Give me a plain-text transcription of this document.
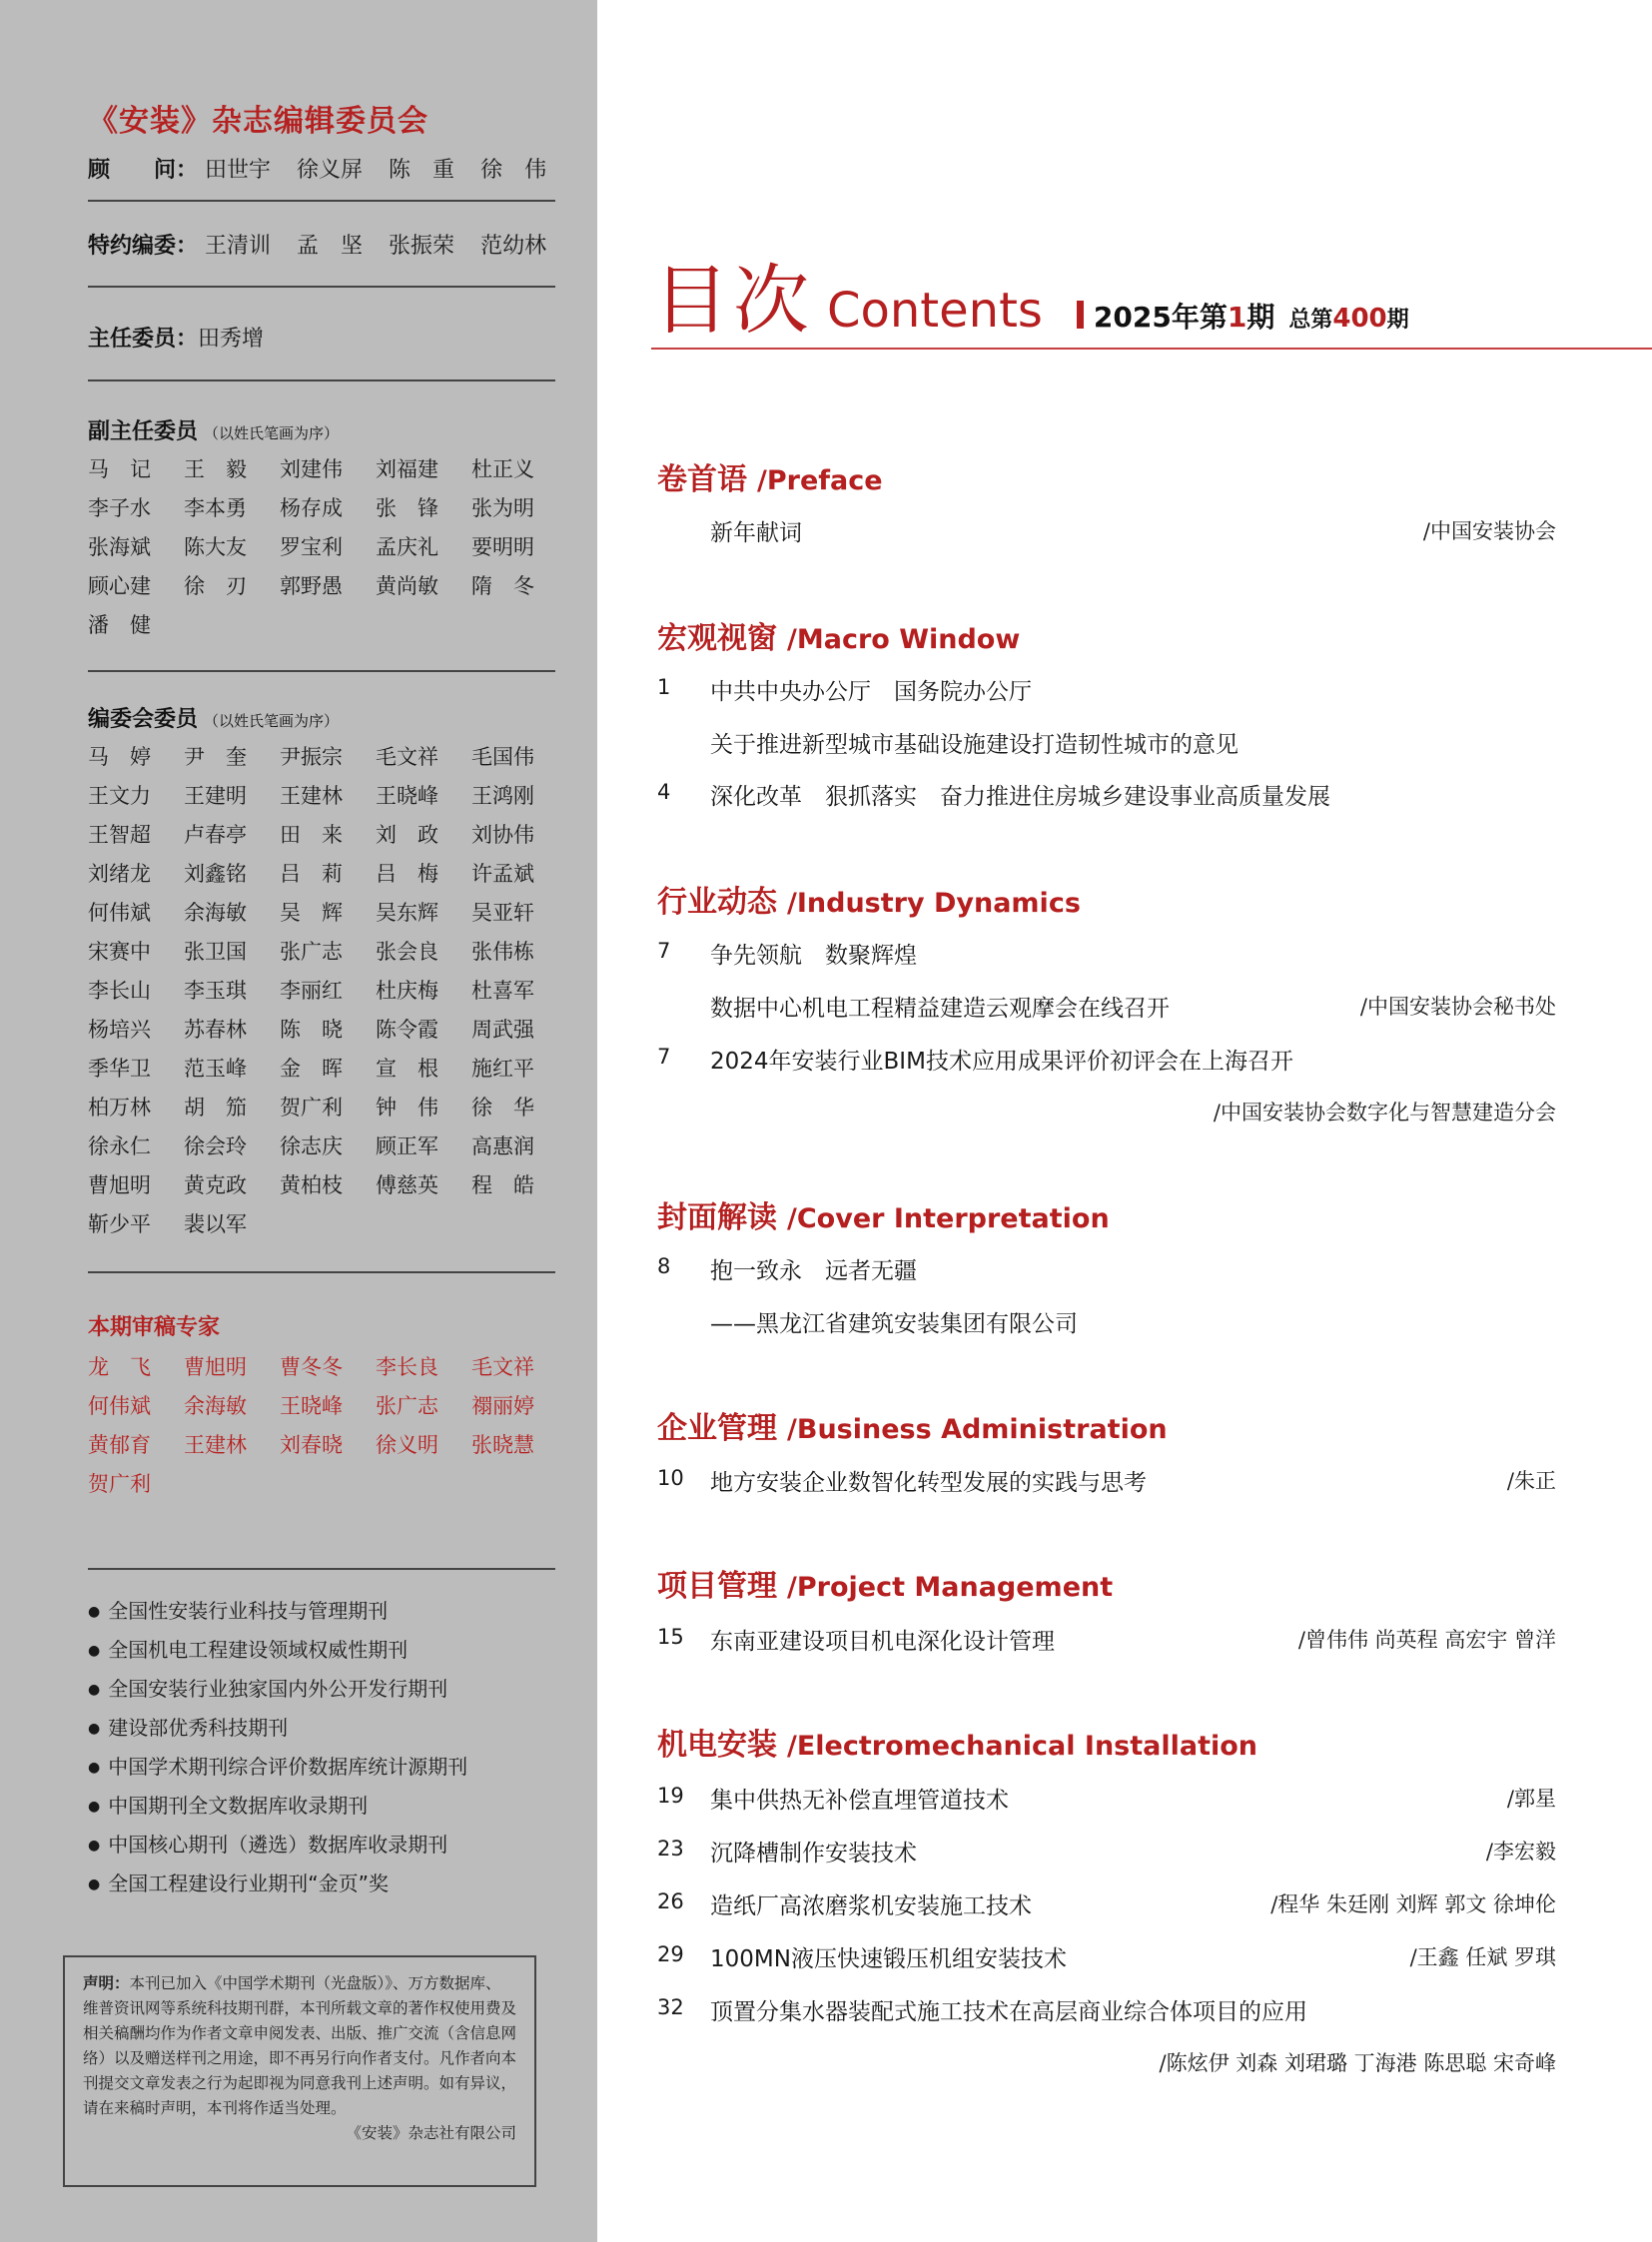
《安装》杂志编辑委员会
顾　　问： 田世宇 徐义屏 陈　重 徐　伟
特约编委： 王清训 孟　坚 张振荣 范幼林
主任委员：田秀增
副主任委员 （以姓氏笔画为序）
马　记	王　毅	刘建伟	刘福建	杜正义
李子水	李本勇	杨存成	张　锋	张为明
张海斌	陈大友	罗宝利	孟庆礼	要明明
顾心建	徐　刃	郭野愚	黄尚敏	隋　冬
潘　健
编委会委员 （以姓氏笔画为序）
马　婷	尹　奎	尹振宗	毛文祥	毛国伟
王文力	王建明	王建林	王晓峰	王鸿刚
王智超	卢春亭	田　来	刘　政	刘协伟
刘绪龙	刘鑫铭	吕　莉	吕　梅	许孟斌
何伟斌	余海敏	吴　辉	吴东辉	吴亚轩
宋赛中	张卫国	张广志	张会良	张伟栋
李长山	李玉琪	李丽红	杜庆梅	杜喜军
杨培兴	苏春林	陈　晓	陈令霞	周武强
季华卫	范玉峰	金　晖	宣　根	施红平
柏万林	胡　笳	贺广利	钟　伟	徐　华
徐永仁	徐会玲	徐志庆	顾正军	高惠润
曹旭明	黄克政	黄柏枝	傅慈英	程　皓
靳少平	裴以军
本期审稿专家
龙　飞	曹旭明	曹冬冬	李长良	毛文祥
何伟斌	余海敏	王晓峰	张广志	禤丽婷
黄郁育	王建林	刘春晓	徐义明	张晓慧
贺广利
● 全国性安装行业科技与管理期刊
● 全国机电工程建设领域权威性期刊
● 全国安装行业独家国内外公开发行期刊
● 建设部优秀科技期刊
● 中国学术期刊综合评价数据库统计源期刊
● 中国期刊全文数据库收录期刊
● 中国核心期刊（遴选）数据库收录期刊
● 全国工程建设行业期刊“金页”奖
声明：本刊已加入《中国学术期刊（光盘版）》、万方数据库、维普资讯网等系统科技期刊群，本刊所载文章的著作权使用费及相关稿酬均作为作者文章申阅发表、出版、推广交流（含信息网络）以及赠送样刊之用途，即不再另行向作者支付。凡作者向本刊提交文章发表之行为起即视为同意我刊上述声明。如有异议，请在来稿时声明，本刊将作适当处理。
《安装》杂志社有限公司
目次 Contents 2025年第1期 总第400期
卷首语 /Preface
新年献词	/中国安装协会
宏观视窗 /Macro Window
1 中共中央办公厅　国务院办公厅
关于推进新型城市基础设施建设打造韧性城市的意见
4 深化改革　狠抓落实　奋力推进住房城乡建设事业高质量发展
行业动态 /Industry Dynamics
7 争先领航　数聚辉煌
数据中心机电工程精益建造云观摩会在线召开	/中国安装协会秘书处
7 2024年安装行业BIM技术应用成果评价初评会在上海召开
/中国安装协会数字化与智慧建造分会
封面解读 /Cover Interpretation
8 抱一致永　远者无疆
——黑龙江省建筑安装集团有限公司
企业管理 /Business Administration
10 地方安装企业数智化转型发展的实践与思考	/朱正
项目管理 /Project Management
15 东南亚建设项目机电深化设计管理	/曾伟伟 尚英程 高宏宇 曾洋
机电安装 /Electromechanical Installation
19 集中供热无补偿直埋管道技术	/郭星
23 沉降槽制作安装技术	/李宏毅
26 造纸厂高浓磨浆机安装施工技术	/程华 朱廷刚 刘辉 郭文 徐坤伦
29 100MN液压快速锻压机组安装技术	/王鑫 任斌 罗琪
32 顶置分集水器装配式施工技术在高层商业综合体项目的应用
/陈炫伊 刘森 刘珺璐 丁海港 陈思聪 宋奇峰
